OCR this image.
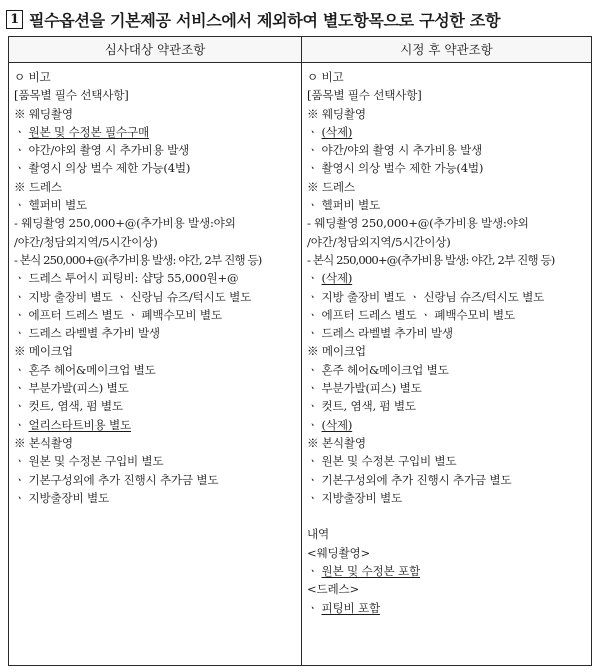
1 필수옵션을 기본제공 서비스에서 제외하여 별도항목으로 구성한 조항
심사대상 약관조항	시정 후 약관조항
ㅇ 비고
[품목별 필수 선택사항]
※ 웨딩촬영
ㆍ 원본 및 수정본 필수구매
ㆍ 야간/야외 촬영 시 추가비용 발생
ㆍ 촬영시 의상 벌수 제한 가능(4벌)
※ 드레스
ㆍ 헬퍼비 별도
- 웨딩촬영 250,000+@(추가비용 발생:야외
/야간/청담외지역/5시간이상)
- 본식 250,000+@(추가비용 발생: 야간, 2부 진행 등)
ㆍ 드레스 투어시 피팅비: 샵당 55,000원+@
ㆍ 지방 출장비 별도 ㆍ 신랑님 슈즈/턱시도 별도
ㆍ 에프터 드레스 별도 ㆍ 폐백수모비 별도
ㆍ 드레스 라벨별 추가비 발생
※ 메이크업
ㆍ 혼주 헤어&메이크업 별도
ㆍ 부분가발(피스) 별도
ㆍ 컷트, 염색, 펌 별도
ㆍ 얼리스타트비용 별도
※ 본식촬영
ㆍ 원본 및 수정본 구입비 별도
ㆍ 기본구성외에 추가 진행시 추가금 별도
ㆍ 지방출장비 별도
ㅇ 비고
[품목별 필수 선택사항]
※ 웨딩촬영
ㆍ (삭제)
ㆍ 야간/야외 촬영 시 추가비용 발생
ㆍ 촬영시 의상 벌수 제한 가능(4벌)
※ 드레스
ㆍ 헬퍼비 별도
- 웨딩촬영 250,000+@(추가비용 발생:야외
/야간/청담외지역/5시간이상)
- 본식 250,000+@(추가비용 발생: 야간, 2부 진행 등)
ㆍ (삭제)
ㆍ 지방 출장비 별도 ㆍ 신랑님 슈즈/턱시도 별도
ㆍ 에프터 드레스 별도 ㆍ 폐백수모비 별도
ㆍ 드레스 라벨별 추가비 발생
※ 메이크업
ㆍ 혼주 헤어&메이크업 별도
ㆍ 부분가발(피스) 별도
ㆍ 컷트, 염색, 펌 별도
ㆍ (삭제)
※ 본식촬영
ㆍ 원본 및 수정본 구입비 별도
ㆍ 기본구성외에 추가 진행시 추가금 별도
ㆍ 지방출장비 별도
내역
<웨딩촬영>
ㆍ 원본 및 수정본 포함
<드레스>
ㆍ 피팅비 포함
